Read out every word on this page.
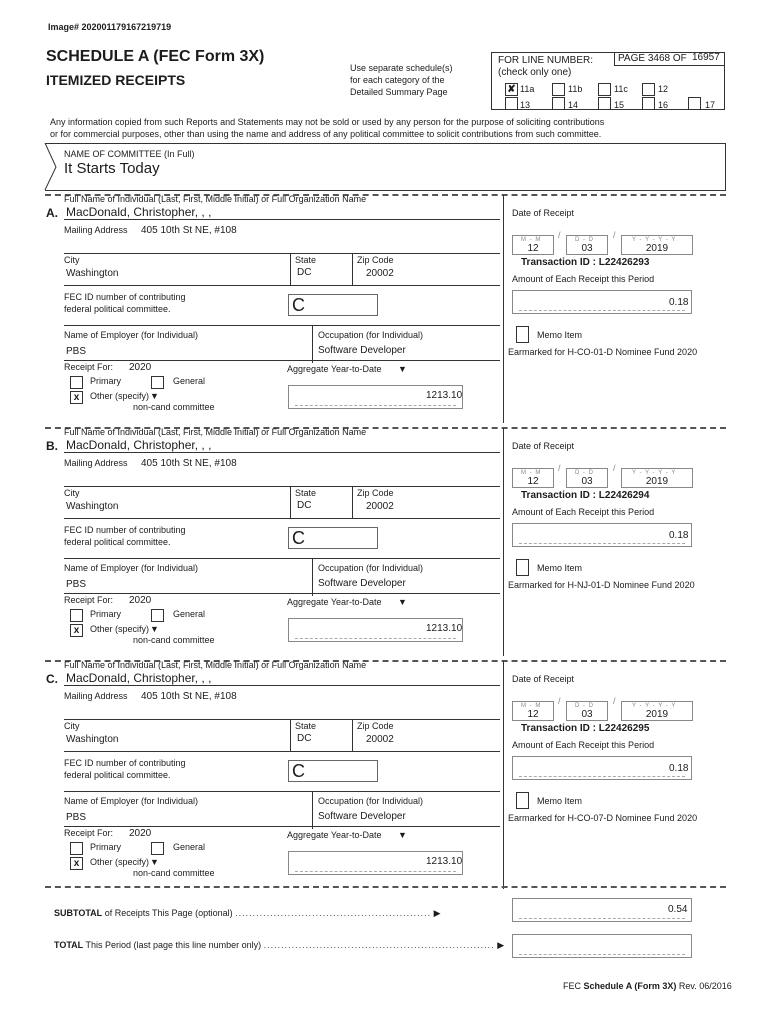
Image# 202001179167219719
SCHEDULE A (FEC Form 3X)
ITEMIZED RECEIPTS
Use separate schedule(s)
for each category of the
Detailed Summary Page
FOR LINE NUMBER:
(check only one)
PAGE 3468 OF 16957
✘ 11a	11b	11c	12
13	14	15	16	17
Any information copied from such Reports and Statements may not be sold or used by any person for the purpose of soliciting contributions
or for commercial purposes, other than using the name and address of any political committee to solicit contributions from such committee.
NAME OF COMMITTEE (In Full)
It Starts Today
Full Name of Individual (Last, First, Middle Initial) or Full Organization Name
A. MacDonald, Christopher, , ,
Mailing Address 405 10th St NE, #108
City
Washington
State
DC
Zip Code
20002
FEC ID number of contributing
federal political committee.	C
Name of Employer (for Individual)
PBS
Occupation (for Individual)
Software Developer
Receipt For: 2020
Primary	General
x	Other (specify) ▼
non-cand committee
Aggregate Year-to-Date ▼
1213.10
Date of Receipt
M - M
12
/ D - D
03
/	Y - Y - Y - Y
2019
Transaction ID : L22426293
Amount of Each Receipt this Period
0.18
Memo Item
Earmarked for H-CO-01-D Nominee Fund 2020
Full Name of Individual (Last, First, Middle Initial) or Full Organization Name
B. MacDonald, Christopher, , ,
Mailing Address 405 10th St NE, #108
City
Washington
State
DC
Zip Code
20002
FEC ID number of contributing
federal political committee.	C
Name of Employer (for Individual)
PBS
Occupation (for Individual)
Software Developer
Receipt For: 2020
Primary	General
x	Other (specify) ▼
non-cand committee
Aggregate Year-to-Date ▼
1213.10
Date of Receipt
M - M
12
/ D - D
03
/	Y - Y - Y - Y
2019
Transaction ID : L22426294
Amount of Each Receipt this Period
0.18
Memo Item
Earmarked for H-NJ-01-D Nominee Fund 2020
Full Name of Individual (Last, First, Middle Initial) or Full Organization Name
C. MacDonald, Christopher, , ,
Mailing Address 405 10th St NE, #108
City
Washington
State
DC
Zip Code
20002
FEC ID number of contributing
federal political committee.	C
Name of Employer (for Individual)
PBS
Occupation (for Individual)
Software Developer
Receipt For: 2020
Primary	General
x	Other (specify) ▼
non-cand committee
Aggregate Year-to-Date ▼
1213.10
Date of Receipt
M - M
12
/ D - D
03
/	Y - Y - Y - Y
2019
Transaction ID : L22426295
Amount of Each Receipt this Period
0.18
Memo Item
Earmarked for H-CO-07-D Nominee Fund 2020
SUBTOTAL of Receipts This Page (optional) ........................................................ ▶	0.54
TOTAL This Period (last page this line number only) .................................................................. ▶
FEC Schedule A (Form 3X) Rev. 06/2016
